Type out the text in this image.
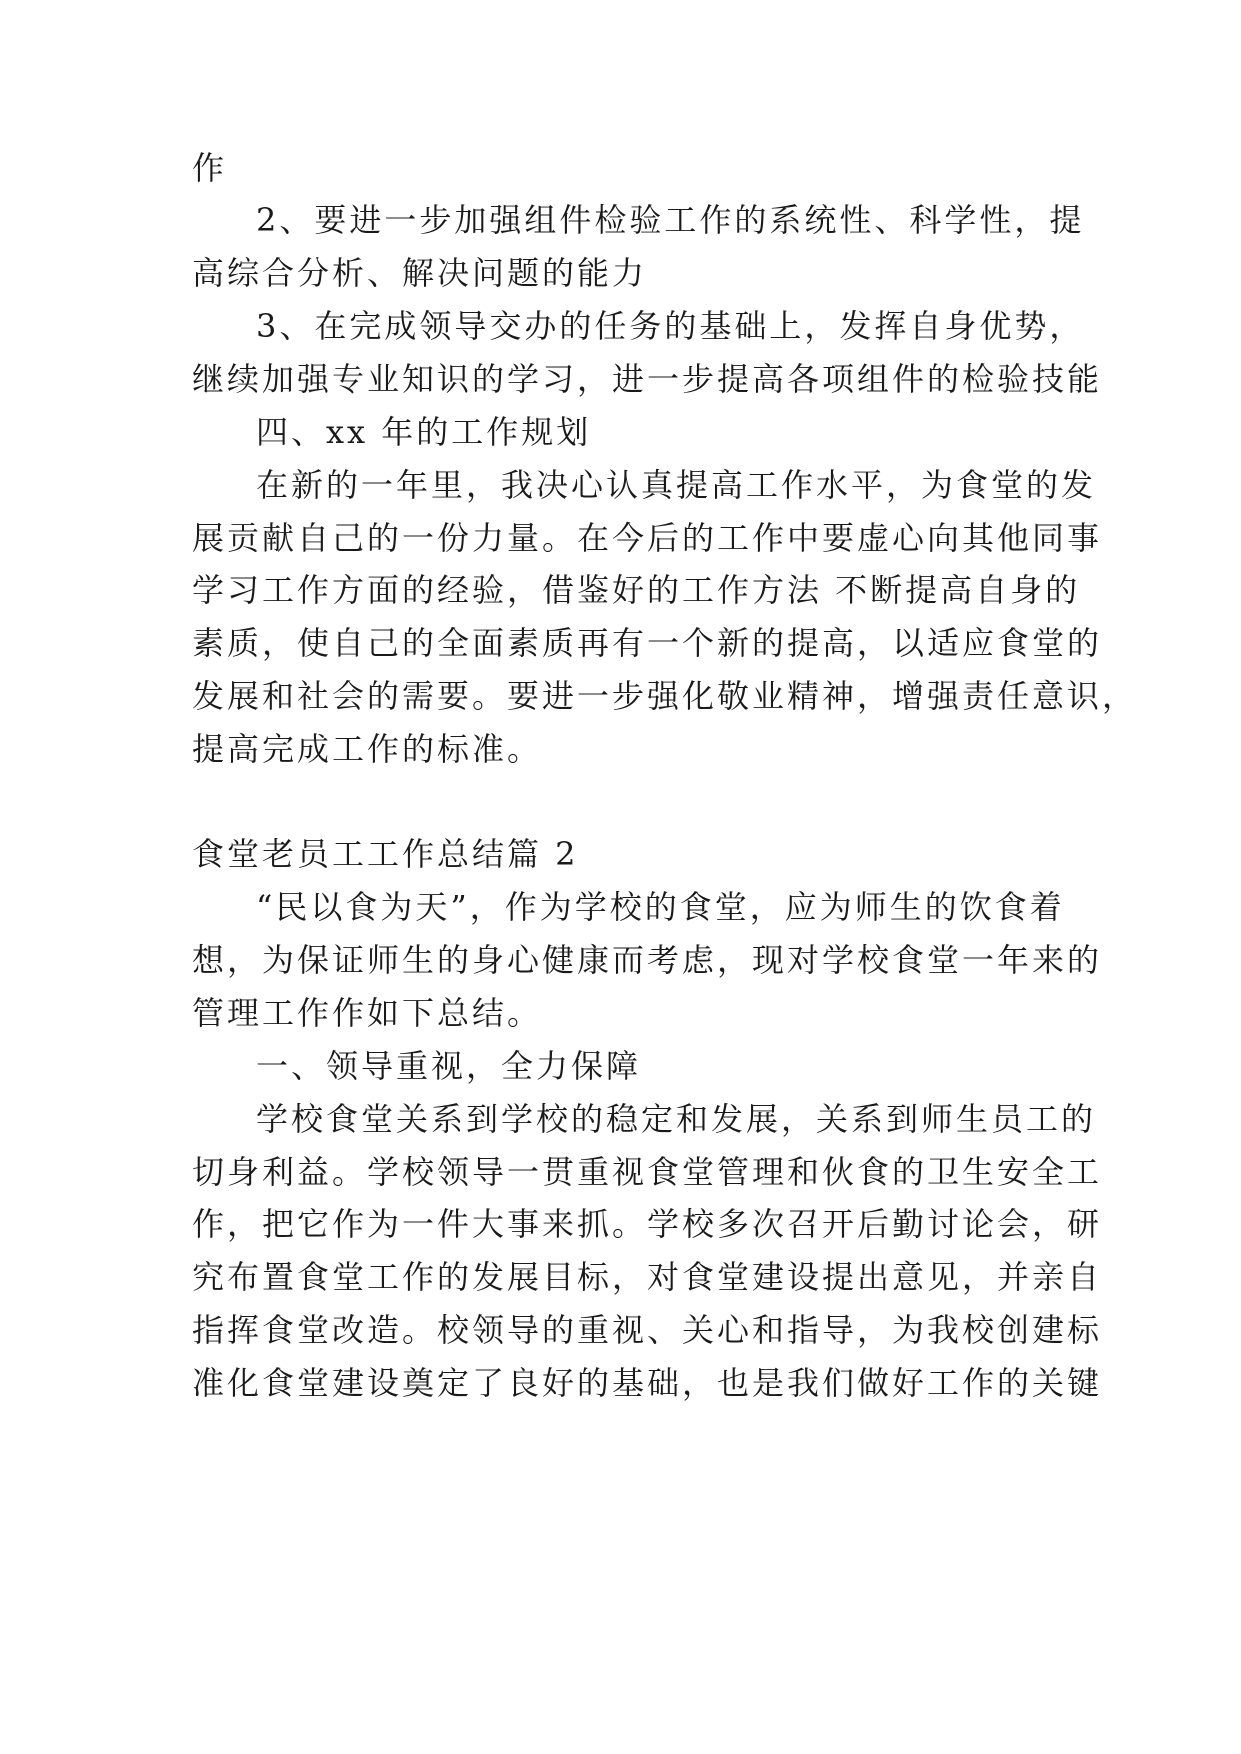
作
2、要进一步加强组件检验工作的系统性、科学性，提
高综合分析、解决问题的能力
3、在完成领导交办的任务的基础上，发挥自身优势，
继续加强专业知识的学习，进一步提高各项组件的检验技能
四、xx 年的工作规划
在新的一年里，我决心认真提高工作水平，为食堂的发
展贡献自己的一份力量。在今后的工作中要虚心向其他同事
学习工作方面的经验，借鉴好的工作方法 不断提高自身的
素质，使自己的全面素质再有一个新的提高，以适应食堂的
发展和社会的需要。要进一步强化敬业精神，增强责任意识，
提高完成工作的标准。
食堂老员工工作总结篇 2
“民以食为天”，作为学校的食堂，应为师生的饮食着
想，为保证师生的身心健康而考虑，现对学校食堂一年来的
管理工作作如下总结。
一、领导重视，全力保障
学校食堂关系到学校的稳定和发展，关系到师生员工的
切身利益。学校领导一贯重视食堂管理和伙食的卫生安全工
作，把它作为一件大事来抓。学校多次召开后勤讨论会，研
究布置食堂工作的发展目标，对食堂建设提出意见，并亲自
指挥食堂改造。校领导的重视、关心和指导，为我校创建标
准化食堂建设奠定了良好的基础，也是我们做好工作的关键
